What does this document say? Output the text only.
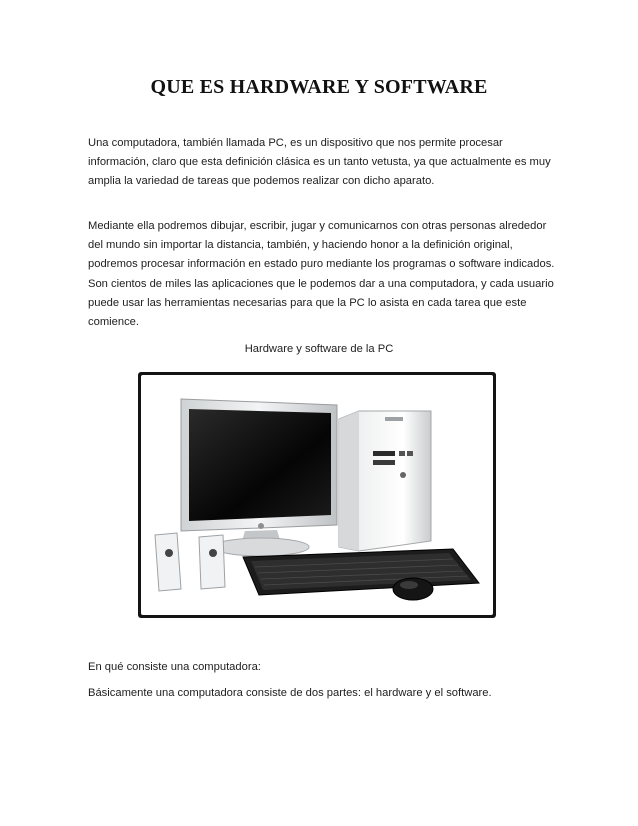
QUE ES HARDWARE Y SOFTWARE
Una computadora, también llamada PC, es un dispositivo que nos permite procesar información, claro que esta definición clásica es un tanto vetusta, ya que actualmente es muy amplia la variedad de tareas que podemos realizar con dicho aparato.
Mediante ella podremos dibujar, escribir, jugar y comunicarnos con otras personas alrededor del mundo sin importar la distancia, también, y haciendo honor a la definición original, podremos procesar información en estado puro mediante los programas o software indicados. Son cientos de miles las aplicaciones que le podemos dar a una computadora, y cada usuario puede usar las herramientas necesarias para que la PC lo asista en cada tarea que este comience.
Hardware y software de la PC
En qué consiste una computadora:
Básicamente una computadora consiste de dos partes: el hardware y el software.
